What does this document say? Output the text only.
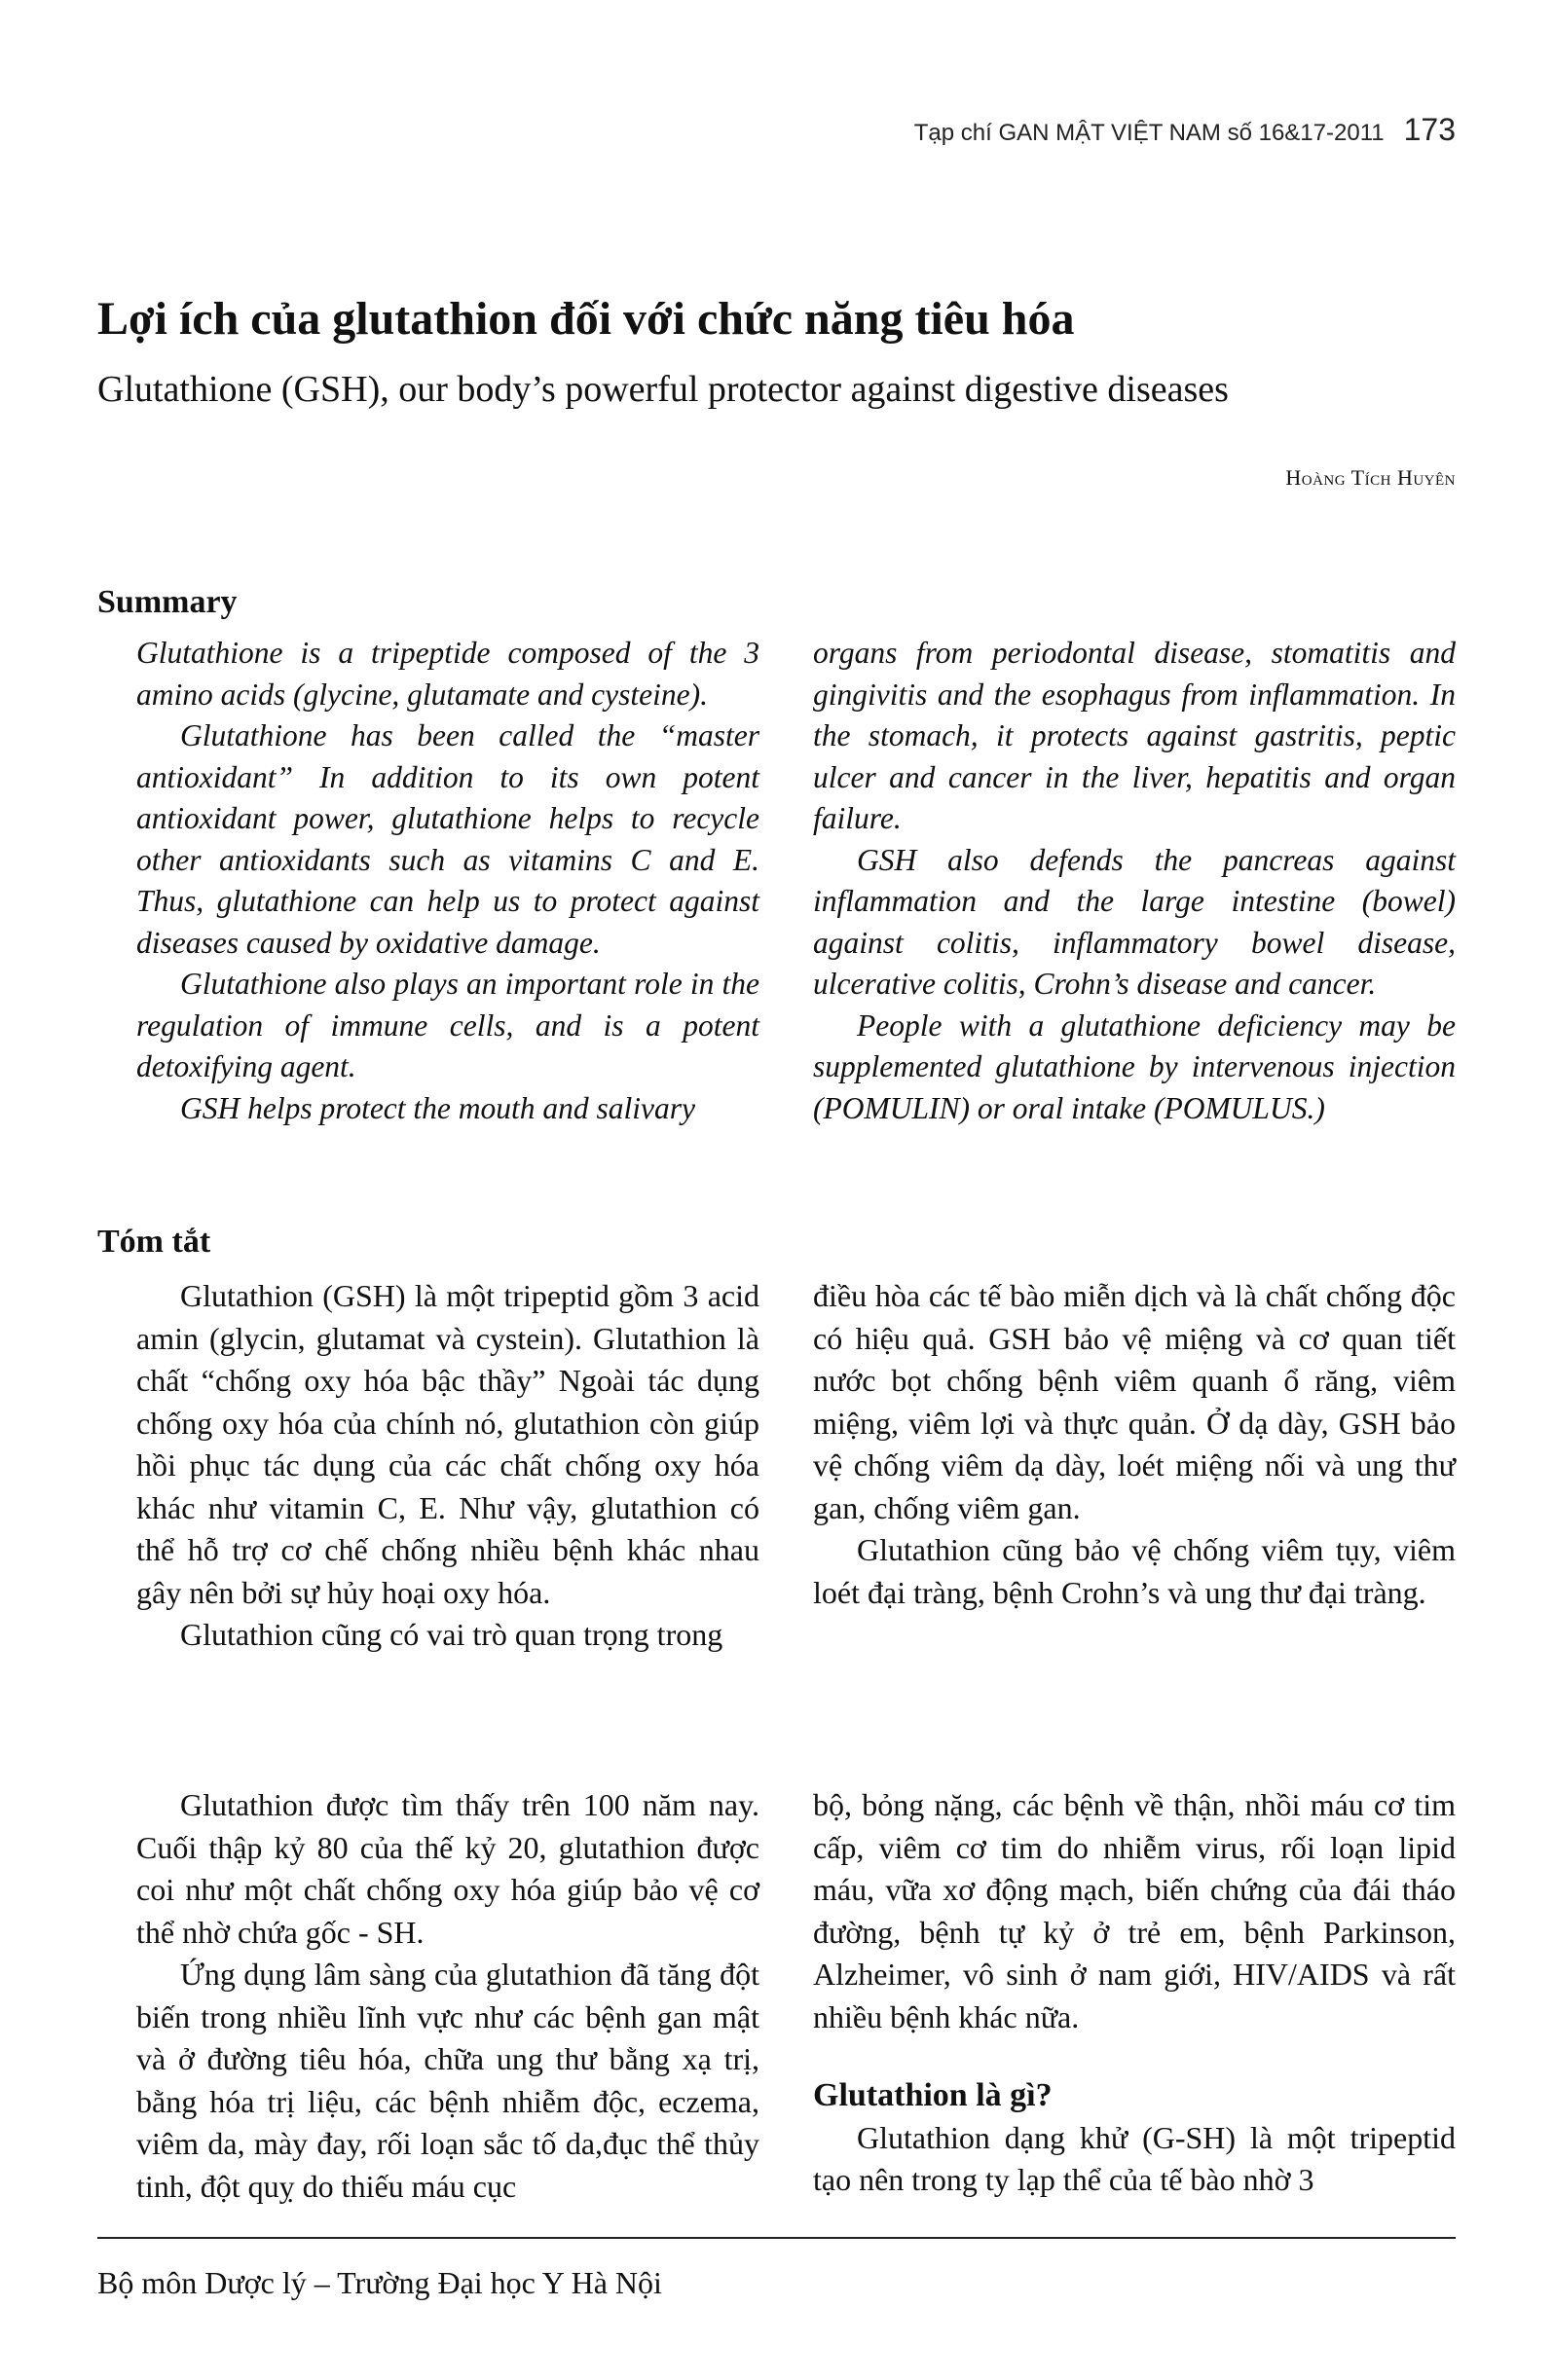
Tạp chí GAN MẬT VIỆT NAM số 16&17-2011 173
Lợi ích của glutathion đối với chức năng tiêu hóa
Glutathione (GSH), our body’s powerful protector against digestive diseases
Hoàng Tích Huyên
Summary

Glutathione is a tripeptide composed of the 3 amino acids (glycine, glutamate and cysteine).

Glutathione has been called the “master antioxidant” In addition to its own potent antioxidant power, glutathione helps to recycle other antioxidants such as vitamins C and E. Thus, glutathione can help us to protect against diseases caused by oxidative damage.

Glutathione also plays an important role in the regulation of immune cells, and is a potent detoxifying agent.

GSH helps protect the mouth and salivary

organs from periodontal disease, stomatitis and gingivitis and the esophagus from inflammation. In the stomach, it protects against gastritis, peptic ulcer and cancer in the liver, hepatitis and organ failure.

GSH also defends the pancreas against inflammation and the large intestine (bowel) against colitis, inflammatory bowel disease, ulcerative colitis, Crohn’s disease and cancer.

People with a glutathione deficiency may be supplemented glutathione by intervenous injection (POMULIN) or oral intake (POMULUS.)

Tóm tắt

Glutathion (GSH) là một tripeptid gồm 3 acid amin (glycin, glutamat và cystein). Glutathion là chất “chống oxy hóa bậc thầy” Ngoài tác dụng chống oxy hóa của chính nó, glutathion còn giúp hồi phục tác dụng của các chất chống oxy hóa khác như vitamin C, E. Như vậy, glutathion có thể hỗ trợ cơ chế chống nhiều bệnh khác nhau gây nên bởi sự hủy hoại oxy hóa.

Glutathion cũng có vai trò quan trọng trong

điều hòa các tế bào miễn dịch và là chất chống độc có hiệu quả. GSH bảo vệ miệng và cơ quan tiết nước bọt chống bệnh viêm quanh ổ răng, viêm miệng, viêm lợi và thực quản. Ở dạ dày, GSH bảo vệ chống viêm dạ dày, loét miệng nối và ung thư gan, chống viêm gan.

Glutathion cũng bảo vệ chống viêm tụy, viêm loét đại tràng, bệnh Crohn’s và ung thư đại tràng.

Glutathion được tìm thấy trên 100 năm nay. Cuối thập kỷ 80 của thế kỷ 20, glutathion được coi như một chất chống oxy hóa giúp bảo vệ cơ thể nhờ chứa gốc - SH.

Ứng dụng lâm sàng của glutathion đã tăng đột biến trong nhiều lĩnh vực như các bệnh gan mật và ở đường tiêu hóa, chữa ung thư bằng xạ trị, bằng hóa trị liệu, các bệnh nhiễm độc, eczema, viêm da, mày đay, rối loạn sắc tố da,đục thể thủy tinh, đột quỵ do thiếu máu cục

bộ, bỏng nặng, các bệnh về thận, nhồi máu cơ tim cấp, viêm cơ tim do nhiễm virus, rối loạn lipid máu, vữa xơ động mạch, biến chứng của đái tháo đường, bệnh tự kỷ ở trẻ em, bệnh Parkinson, Alzheimer, vô sinh ở nam giới, HIV/AIDS và rất nhiều bệnh khác nữa.

Glutathion là gì?

Glutathion dạng khử (G-SH) là một tripeptid tạo nên trong ty lạp thể của tế bào nhờ 3

Bộ môn Dược lý – Trường Đại học Y Hà Nội
